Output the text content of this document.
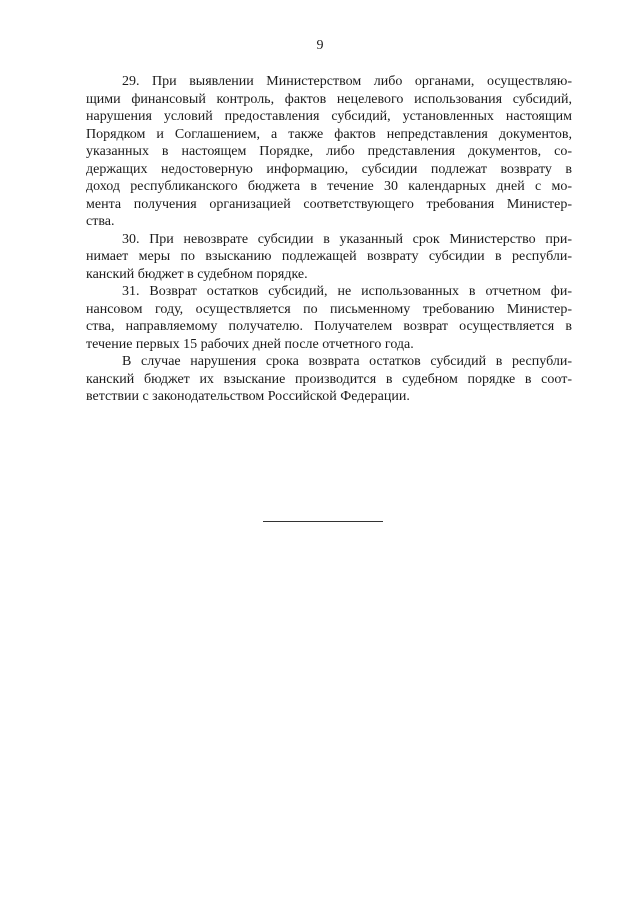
9
29. При выявлении Министерством либо органами, осуществляю-
щими финансовый контроль, фактов нецелевого использования субсидий,
нарушения условий предоставления субсидий, установленных настоящим
Порядком и Соглашением, а также фактов непредставления документов,
указанных в настоящем Порядке, либо представления документов, со-
держащих недостоверную информацию, субсидии подлежат возврату в
доход республиканского бюджета в течение 30 календарных дней с мо-
мента получения организацией соответствующего требования Министер-
ства.
30. При невозврате субсидии в указанный срок Министерство при-
нимает меры по взысканию подлежащей возврату субсидии в республи-
канский бюджет в судебном порядке.
31. Возврат остатков субсидий, не использованных в отчетном фи-
нансовом году, осуществляется по письменному требованию Министер-
ства, направляемому получателю. Получателем возврат осуществляется в
течение первых 15 рабочих дней после отчетного года.
В случае нарушения срока возврата остатков субсидий в республи-
канский бюджет их взыскание производится в судебном порядке в соот-
ветствии с законодательством Российской Федерации.
